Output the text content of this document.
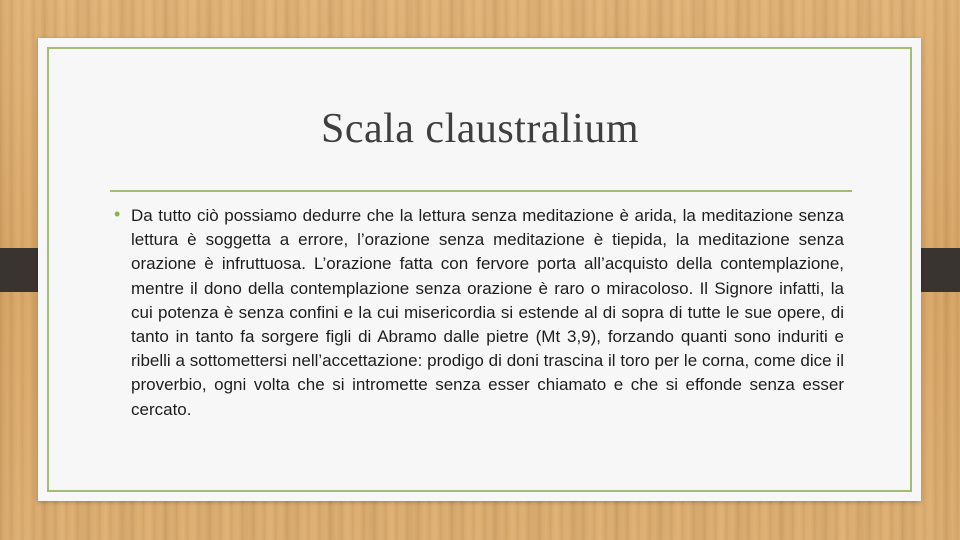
Scala claustralium
• Da tutto ciò possiamo dedurre che la lettura senza meditazione è arida, la meditazione senza lettura è soggetta a errore, l’orazione senza meditazione è tiepida, la meditazione senza orazione è infruttuosa. L’orazione fatta con fervore porta all’acquisto della contemplazione, mentre il dono della contemplazione senza orazione è raro o miracoloso. Il Signore infatti, la cui potenza è senza confini e la cui misericordia si estende al di sopra di tutte le sue opere, di tanto in tanto fa sorgere figli di Abramo dalle pietre (Mt 3,9), forzando quanti sono induriti e ribelli a sottomettersi nell’accettazione: prodigo di doni trascina il toro per le corna, come dice il proverbio, ogni volta che si intromette senza esser chiamato e che si effonde senza esser cercato.
